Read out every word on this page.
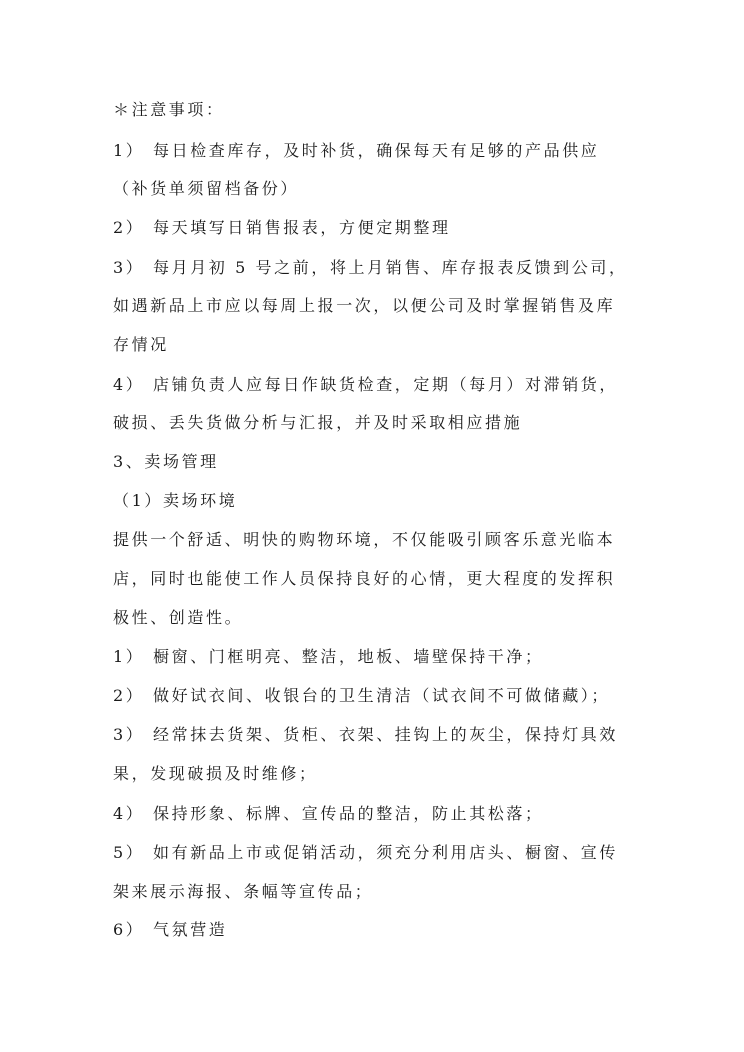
＊注意事项：
1） 每日检查库存，及时补货，确保每天有足够的产品供应
（补货单须留档备份）
2） 每天填写日销售报表，方便定期整理
3） 每月月初 5 号之前，将上月销售、库存报表反馈到公司，
如遇新品上市应以每周上报一次，以便公司及时掌握销售及库
存情况
4） 店铺负责人应每日作缺货检查，定期（每月）对滞销货，
破损、丢失货做分析与汇报，并及时采取相应措施
3、卖场管理
（1）卖场环境
提供一个舒适、明快的购物环境，不仅能吸引顾客乐意光临本
店，同时也能使工作人员保持良好的心情，更大程度的发挥积
极性、创造性。
1） 橱窗、门框明亮、整洁，地板、墙壁保持干净；
2） 做好试衣间、收银台的卫生清洁（试衣间不可做储藏）；
3） 经常抹去货架、货柜、衣架、挂钩上的灰尘，保持灯具效
果，发现破损及时维修；
4） 保持形象、标牌、宣传品的整洁，防止其松落；
5） 如有新品上市或促销活动，须充分利用店头、橱窗、宣传
架来展示海报、条幅等宣传品；
6） 气氛营造
